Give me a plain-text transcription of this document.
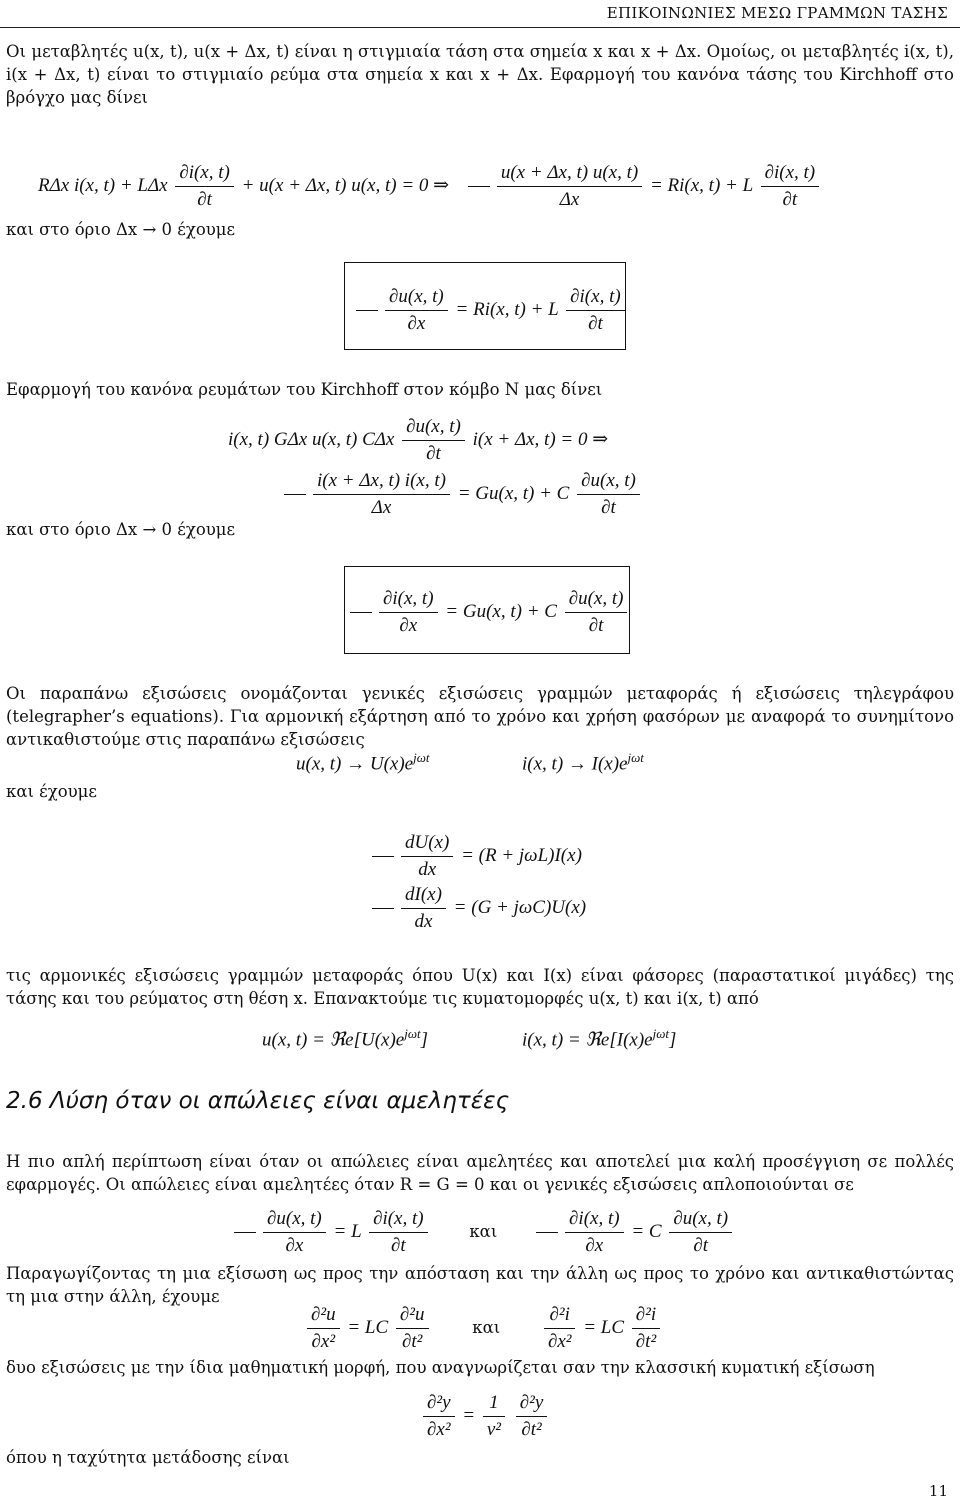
ΕΠΙΚΟΙΝΩΝΙΕΣ ΜΕΣΩ ΓΡΑΜΜΩΝ ΤΑΣΗΣ
Οι μεταβλητές u(x, t), u(x + Δx, t) είναι η στιγμιαία τάση στα σημεία x και x + Δx. Ομοίως, οι μεταβλητές i(x, t), i(x + Δx, t) είναι το στιγμιαίο ρεύμα στα σημεία x και x + Δx. Εφαρμογή του κανόνα τάσης του Kirchhoff στο βρόγχο μας δίνει
RΔx i(x, t) + LΔx $\frac{\partial i(x, t)}{\partial t} + u(x + \Delta x$, t) u(x, t) = 0 ⇒	$\frac{u(x + \Delta x, t) u(x, t)}{\Delta x} = Ri(x$, t) + L $\frac{\partial i(x, t)}{\partial t}$
και στο όριο Δx → 0 έχουμε
$\frac{\partial u(x, t)}{\partial x} = Ri(x$, t) + L $\frac{\partial i(x, t)}{\partial t}$
Εφαρμογή του κανόνα ρευμάτων του Kirchhoff στον κόμβο N μας δίνει
i(x, t) GΔx u(x, t) CΔx $\frac{\partial u(x, t)}{\partial t} i(x + \Delta x$, t) = 0 ⇒
$\frac{i(x + \Delta x, t) i(x, t)}{\Delta x} = Gu(x$, t) + C $\frac{\partial u(x, t)}{\partial t}$
και στο όριο Δx → 0 έχουμε
$\frac{\partial i(x, t)}{\partial x} = Gu(x$, t) + C $\frac{\partial u(x, t)}{\partial t}$
Οι παραπάνω εξισώσεις ονομάζονται γενικές εξισώσεις γραμμών μεταφοράς ή εξισώσεις τηλεγράφου (telegrapher’s equations). Για αρμονική εξάρτηση από το χρόνο και χρήση φασόρων με αναφορά το συνημίτονο αντικαθιστούμε στις παραπάνω εξισώσεις
u(x, $t) \to U(x)e^{j\omega t}$	i(x, $t) \to I(x)e^{j\omega t}$
και έχουμε
$\frac{dU(x)}{dx} = (R + j\omega L)I(x)$
$\frac{dI(x)}{dx} = (G + j\omega C)U(x)$
τις αρμονικές εξισώσεις γραμμών μεταφοράς όπου U(x) και I(x) είναι φάσορες (παραστατικοί μιγάδες) της τάσης και του ρεύματος στη θέση x. Επανακτούμε τις κυματομορφές u(x, t) και i(x, t) από
u(x, $t) = ℜe[U(x)e^{j\omega t}]$	i(x, $t) = ℜe[I(x)e^{j\omega t}]$
2.6 Λύση όταν οι απώλειες είναι αμελητέες
Η πιο απλή περίπτωση είναι όταν οι απώλειες είναι αμελητέες και αποτελεί μια καλή προσέγγιση σε πολλές εφαρμογές. Οι απώλειες είναι αμελητέες όταν R = G = 0 και οι γενικές εξισώσεις απλοποιούνται σε
$\frac{\partial u(x, t)}{\partial x} = L \frac{\partial i(x, t)}{\partial t}$	και	$\frac{\partial i(x, t)}{\partial x} = C \frac{\partial u(x, t)}{\partial t}$
Παραγωγίζοντας τη μια εξίσωση ως προς την απόσταση και την άλλη ως προς το χρόνο και αντικαθιστώντας τη μια στην άλλη, έχουμε
$\frac{\text{∂²u}}{\text{∂x²}}$ = LC $\frac{\text{∂²u}}{\text{∂t²}}$	και $\frac{\text{∂²i}}{\text{∂x²}}$ = LC $\frac{\text{∂²i}}{\text{∂t²}}$
δυο εξισώσεις με την ίδια μαθηματική μορφή, που αναγνωρίζεται σαν την κλασσική κυματική εξίσωση
$\frac{\text{∂²y}}{\text{∂x²}} = \frac{1}{\text{v²}}$
$\frac{\text{∂²y}}{\text{∂t²}}$
όπου η ταχύτητα μετάδοσης είναι
11
